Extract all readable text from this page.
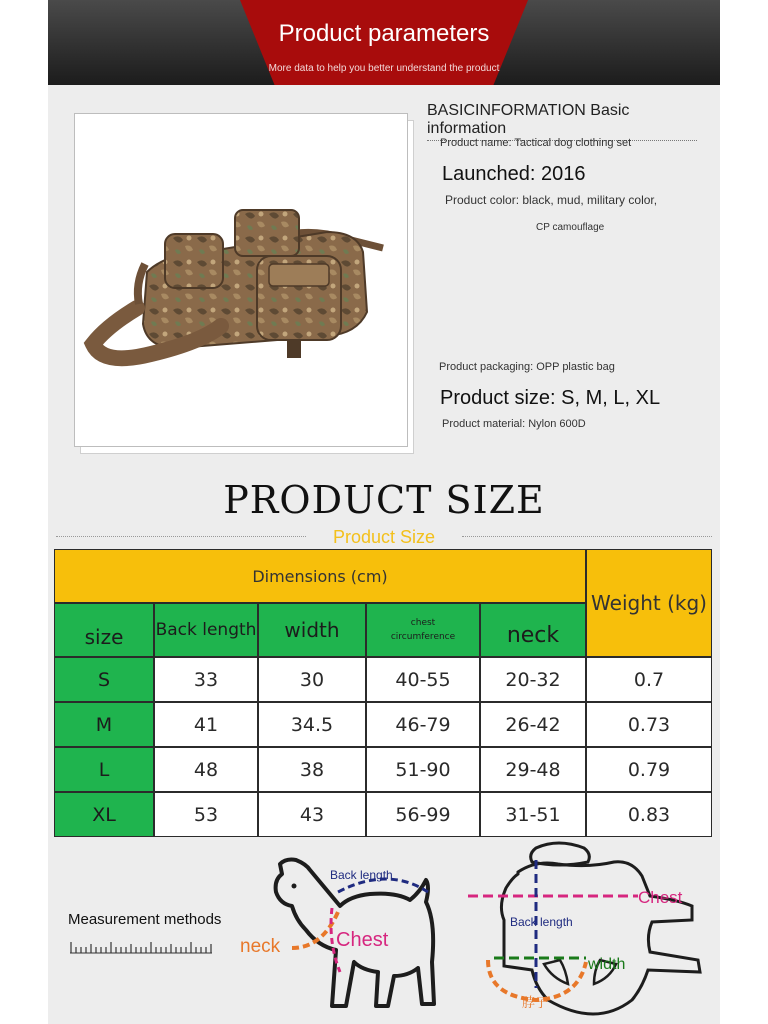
Product parameters
More data to help you better understand the product
BASICINFORMATION Basic information
Product name: Tactical dog clothing set
Launched: 2016
Product color: black, mud, military color,
CP camouflage
Product packaging: OPP plastic bag
Product size: S, M, L, XL
Product material: Nylon 600D
PRODUCT SIZE
Product Size
Dimensions (cm)
Weight (kg)
size	Back length	width	chest circumference	neck
S	33	30	40-55	20-32	0.7
M	41	34.5	46-79	26-42	0.73
L	48	38	51-90	29-48	0.79
XL	53	43	56-99	31-51	0.83
Measurement methods
Back length
neck	Chest
Chest
Back length
width
脖子
